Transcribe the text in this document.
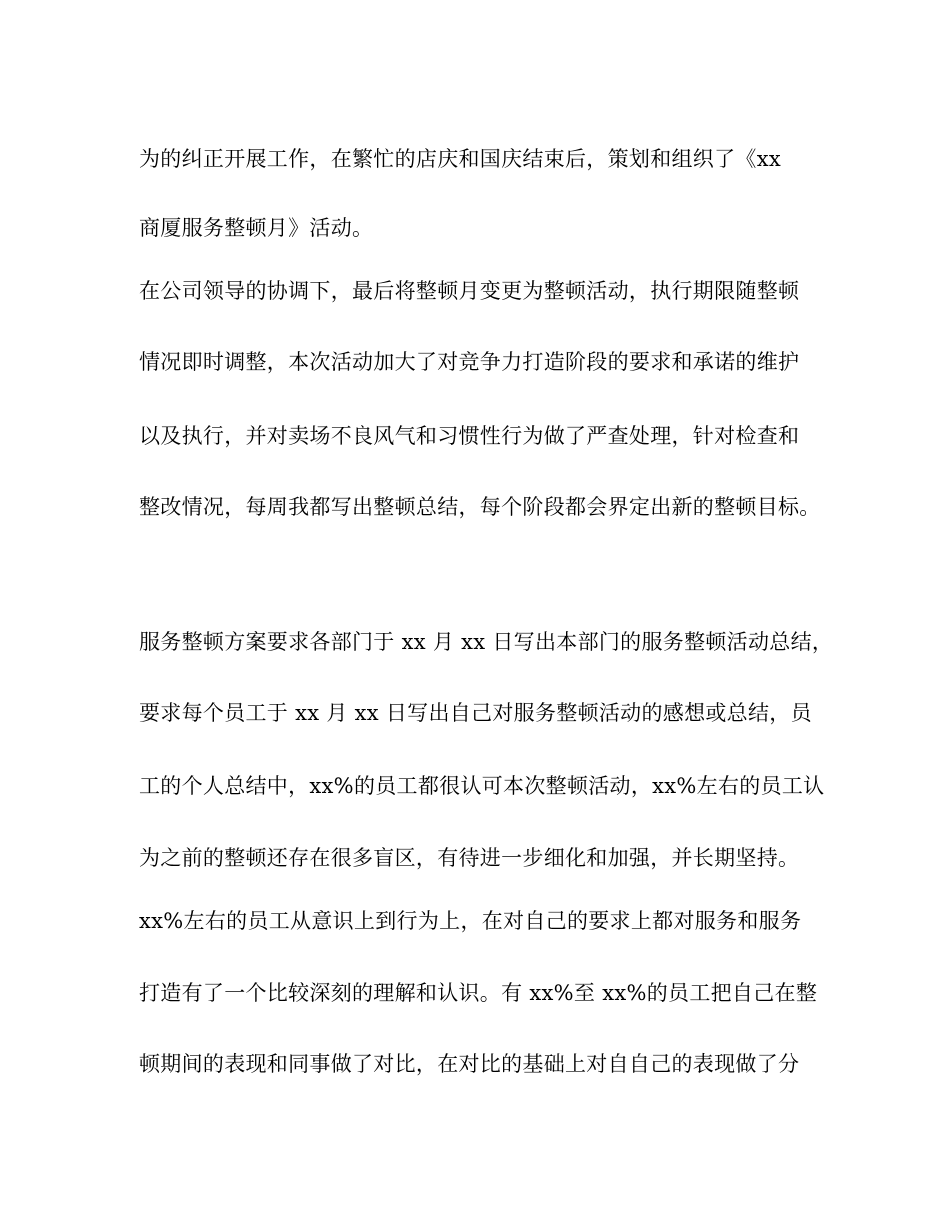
为的纠正开展工作，在繁忙的店庆和国庆结束后，策划和组织了《xx
商厦服务整顿月》活动。
在公司领导的协调下，最后将整顿月变更为整顿活动，执行期限随整顿
情况即时调整，本次活动加大了对竞争力打造阶段的要求和承诺的维护
以及执行，并对卖场不良风气和习惯性行为做了严查处理，针对检查和
整改情况，每周我都写出整顿总结，每个阶段都会界定出新的整顿目标。
服务整顿方案要求各部门于 xx 月 xx 日写出本部门的服务整顿活动总结，
要求每个员工于 xx 月 xx 日写出自己对服务整顿活动的感想或总结，员
工的个人总结中，xx%的员工都很认可本次整顿活动，xx%左右的员工认
为之前的整顿还存在很多盲区，有待进一步细化和加强，并长期坚持。
xx%左右的员工从意识上到行为上，在对自己的要求上都对服务和服务
打造有了一个比较深刻的理解和认识。有 xx%至 xx%的员工把自己在整
顿期间的表现和同事做了对比，在对比的基础上对自自己的表现做了分
